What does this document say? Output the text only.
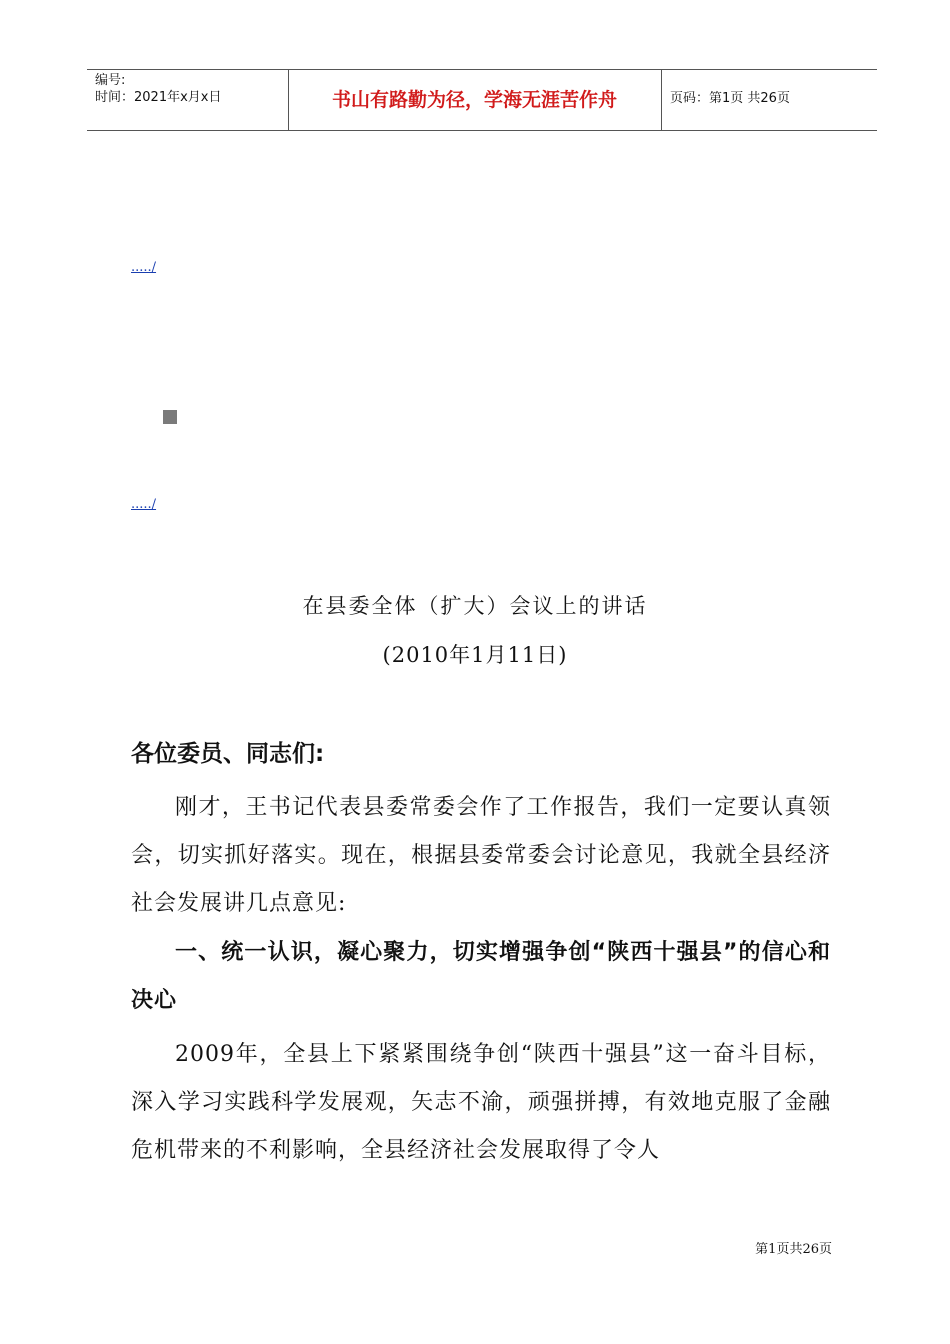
编号:
时间：2021年x月x日	书山有路勤为径，学海无涯苦作舟	页码：第1页 共26页
...../
...../
在县委全体（扩大）会议上的讲话
(2010年1月11日)
各位委员、同志们:
刚才，王书记代表县委常委会作了工作报告，我们一定要认真领会，切实抓好落实。现在，根据县委常委会讨论意见，我就全县经济社会发展讲几点意见:
一、统一认识，凝心聚力，切实增强争创“陕西十强县”的信心和决心
2009年，全县上下紧紧围绕争创“陕西十强县”这一奋斗目标，深入学习实践科学发展观，矢志不渝，顽强拼搏，有效地克服了金融危机带来的不利影响，全县经济社会发展取得了令人
第1页共26页
